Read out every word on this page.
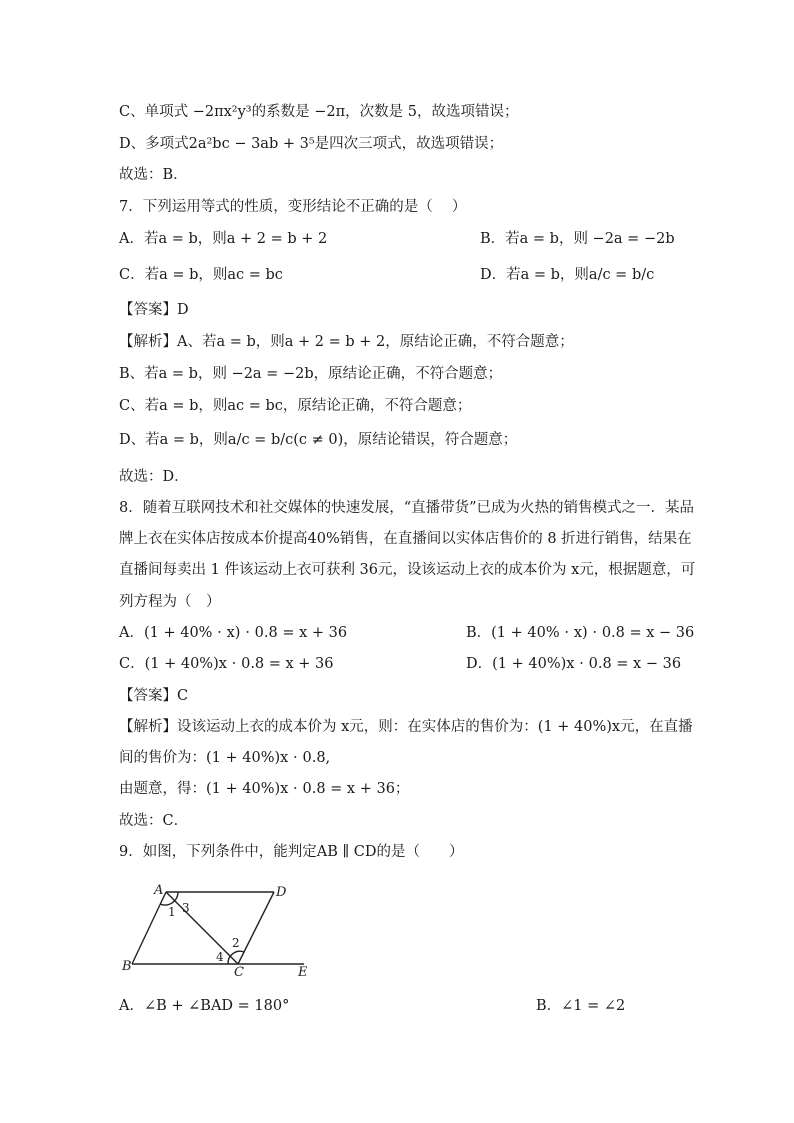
C、单项式 −2πx²y³的系数是 −2π，次数是 5，故选项错误；
D、多项式2a²bc − 3ab + 3⁵是四次三项式，故选项错误；
故选：B．
7．下列运用等式的性质，变形结论不正确的是（　 ）
A．若a = b，则a + 2 = b + 2	B．若a = b，则 −2a = −2b
C．若a = b，则ac = bc	D．若a = b，则a/c = b/c
【答案】D
【解析】A、若a = b，则a + 2 = b + 2，原结论正确，不符合题意；
B、若a = b，则 −2a = −2b，原结论正确，不符合题意；
C、若a = b，则ac = bc，原结论正确，不符合题意；
D、若a = b，则a/c = b/c(c ≠ 0)，原结论错误，符合题意；
故选：D．
8．随着互联网技术和社交媒体的快速发展，“直播带货”已成为火热的销售模式之一．某品
牌上衣在实体店按成本价提高40%销售，在直播间以实体店售价的 8 折进行销售，结果在
直播间每卖出 1 件该运动上衣可获利 36元，设该运动上衣的成本价为 x元，根据题意，可
列方程为（　）
A．(1 + 40% ⋅ x) ⋅ 0.8 = x + 36	B．(1 + 40% ⋅ x) ⋅ 0.8 = x − 36
C．(1 + 40%)x ⋅ 0.8 = x + 36	D．(1 + 40%)x ⋅ 0.8 = x − 36
【答案】C
【解析】设该运动上衣的成本价为 x元，则：在实体店的售价为：(1 + 40%)x元，在直播
间的售价为：(1 + 40%)x ⋅ 0.8,
由题意，得：(1 + 40%)x ⋅ 0.8 = x + 36；
故选：C．
9．如图，下列条件中，能判定AB ∥ CD的是（　　）
A	D
B	C	E
1 3
2
4
A．∠B + ∠BAD = 180°	B．∠1 = ∠2
